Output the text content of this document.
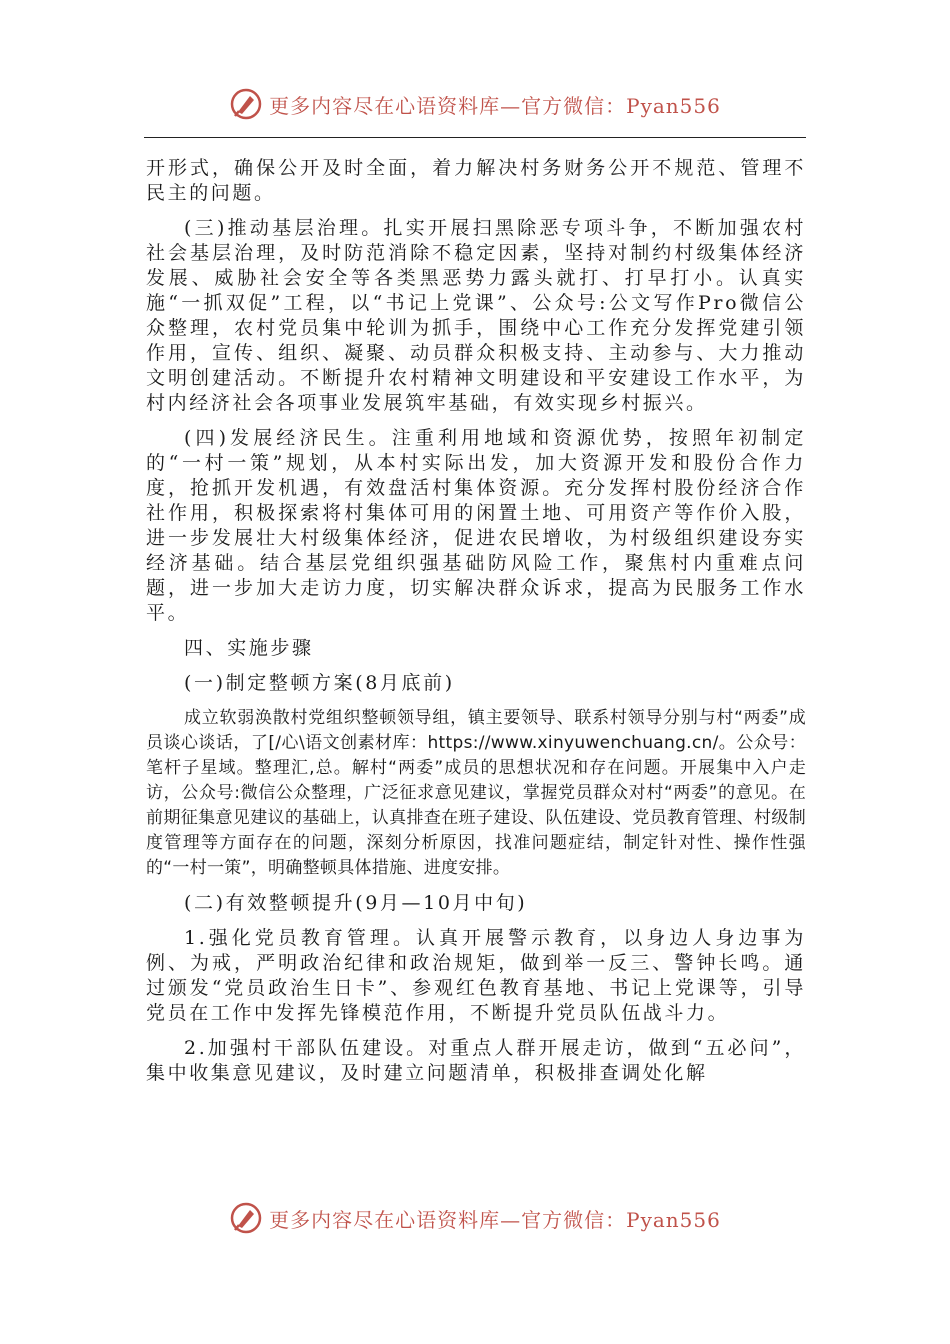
更多内容尽在心语资料库—官方微信：Pyan556

开形式，确保公开及时全面，着力解决村务财务公开不规范、管理不民主的问题。

(三)推动基层治理。扎实开展扫黑除恶专项斗争，不断加强农村社会基层治理，及时防范消除不稳定因素，坚持对制约村级集体经济发展、威胁社会安全等各类黑恶势力露头就打、打早打小。认真实施“一抓双促”工程，以“书记上党课”、公众号:公文写作Pro微信公众整理，农村党员集中轮训为抓手，围绕中心工作充分发挥党建引领作用，宣传、组织、凝聚、动员群众积极支持、主动参与、大力推动文明创建活动。不断提升农村精神文明建设和平安建设工作水平，为村内经济社会各项事业发展筑牢基础，有效实现乡村振兴。

(四)发展经济民生。注重利用地域和资源优势，按照年初制定的“一村一策”规划，从本村实际出发，加大资源开发和股份合作力度，抢抓开发机遇，有效盘活村集体资源。充分发挥村股份经济合作社作用，积极探索将村集体可用的闲置土地、可用资产等作价入股，进一步发展壮大村级集体经济，促进农民增收，为村级组织建设夯实经济基础。结合基层党组织强基础防风险工作，聚焦村内重难点问题，进一步加大走访力度，切实解决群众诉求，提高为民服务工作水平。

四、实施步骤

(一)制定整顿方案(8月底前)

成立软弱涣散村党组织整顿领导组，镇主要领导、联系村领导分别与村“两委”成员谈心谈话，了[/心\语文创素材库：https://www.xinyuwenchuang.cn/。公众号：笔杆子星域。整理汇,总。解村“两委”成员的思想状况和存在问题。开展集中入户走访，公众号:微信公众整理，广泛征求意见建议，掌握党员群众对村“两委”的意见。在前期征集意见建议的基础上，认真排查在班子建设、队伍建设、党员教育管理、村级制度管理等方面存在的问题，深刻分析原因，找准问题症结，制定针对性、操作性强的“一村一策”，明确整顿具体措施、进度安排。

(二)有效整顿提升(9月—10月中旬)

1.强化党员教育管理。认真开展警示教育，以身边人身边事为例、为戒，严明政治纪律和政治规矩，做到举一反三、警钟长鸣。通过颁发“党员政治生日卡”、参观红色教育基地、书记上党课等，引导党员在工作中发挥先锋模范作用，不断提升党员队伍战斗力。

2.加强村干部队伍建设。对重点人群开展走访，做到“五必问”，集中收集意见建议，及时建立问题清单，积极排查调处化解

更多内容尽在心语资料库—官方微信：Pyan556
